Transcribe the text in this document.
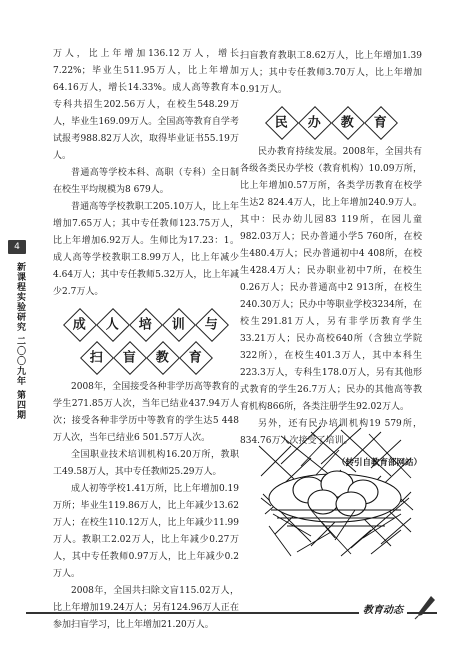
万人，比上年增加136.12万人，增长7.22%；毕业生511.95万人，比上年增加64.16万人，增长14.33%。成人高等教育本专科共招生202.56万人，在校生548.29万人，毕业生169.09万人。全国高等教育自学考试报考988.82万人次，取得毕业证书55.19万人。

普通高等学校本科、高职（专科）全日制在校生平均规模为8 679人。

普通高等学校教职工205.10万人，比上年增加7.65万人；其中专任教师123.75万人，比上年增加6.92万人。生师比为17.23：1。成人高等学校教职工8.99万人，比上年减少4.64万人；其中专任教师5.32万人，比上年减少2.7万人。

成 人 培 训 与
扫 盲 教 育

2008年，全国接受各种非学历高等教育的学生271.85万人次，当年已结业437.94万人次；接受各种非学历中等教育的学生达5 448万人次，当年已结业6 501.57万人次。

全国职业技术培训机构16.20万所，教职工49.58万人，其中专任教师25.29万人。

成人初等学校1.41万所，比上年增加0.19万所；毕业生119.86万人，比上年减少13.62万人；在校生110.12万人，比上年减少11.99万人。教职工2.02万人，比上年减少0.27万人，其中专任教师0.97万人，比上年减少0.2万人。

2008年，全国共扫除文盲115.02万人，比上年增加19.24万人；另有124.96万人正在参加扫盲学习，比上年增加21.20万人。

扫盲教育教职工8.62万人，比上年增加1.39万人；其中专任教师3.70万人，比上年增加0.91万人。

民 办 教 育

民办教育持续发展。2008年，全国共有各级各类民办学校（教育机构）10.09万所，比上年增加0.57万所，各类学历教育在校学生达2 824.4万人，比上年增加240.9万人。其中：民办幼儿园83 119所，在园儿童982.03万人；民办普通小学5 760所，在校生480.4万人；民办普通初中4 408所，在校生428.4万人；民办职业初中7所，在校生0.26万人；民办普通高中2 913所，在校生240.30万人；民办中等职业学校3234所，在校生291.81万人，另有非学历教育学生33.21万人；民办高校640所（含独立学院322所），在校生401.3万人，其中本科生223.3万人，专科生178.0万人，另有其他形式教育的学生26.7万人；民办的其他高等教育机构866所，各类注册学生92.02万人。

另外，还有民办培训机构19 579所，834.76万人次接受了培训。

（转引自教育部网站）
4
新课程实验研究 二〇〇九年 第四期
教育动态
